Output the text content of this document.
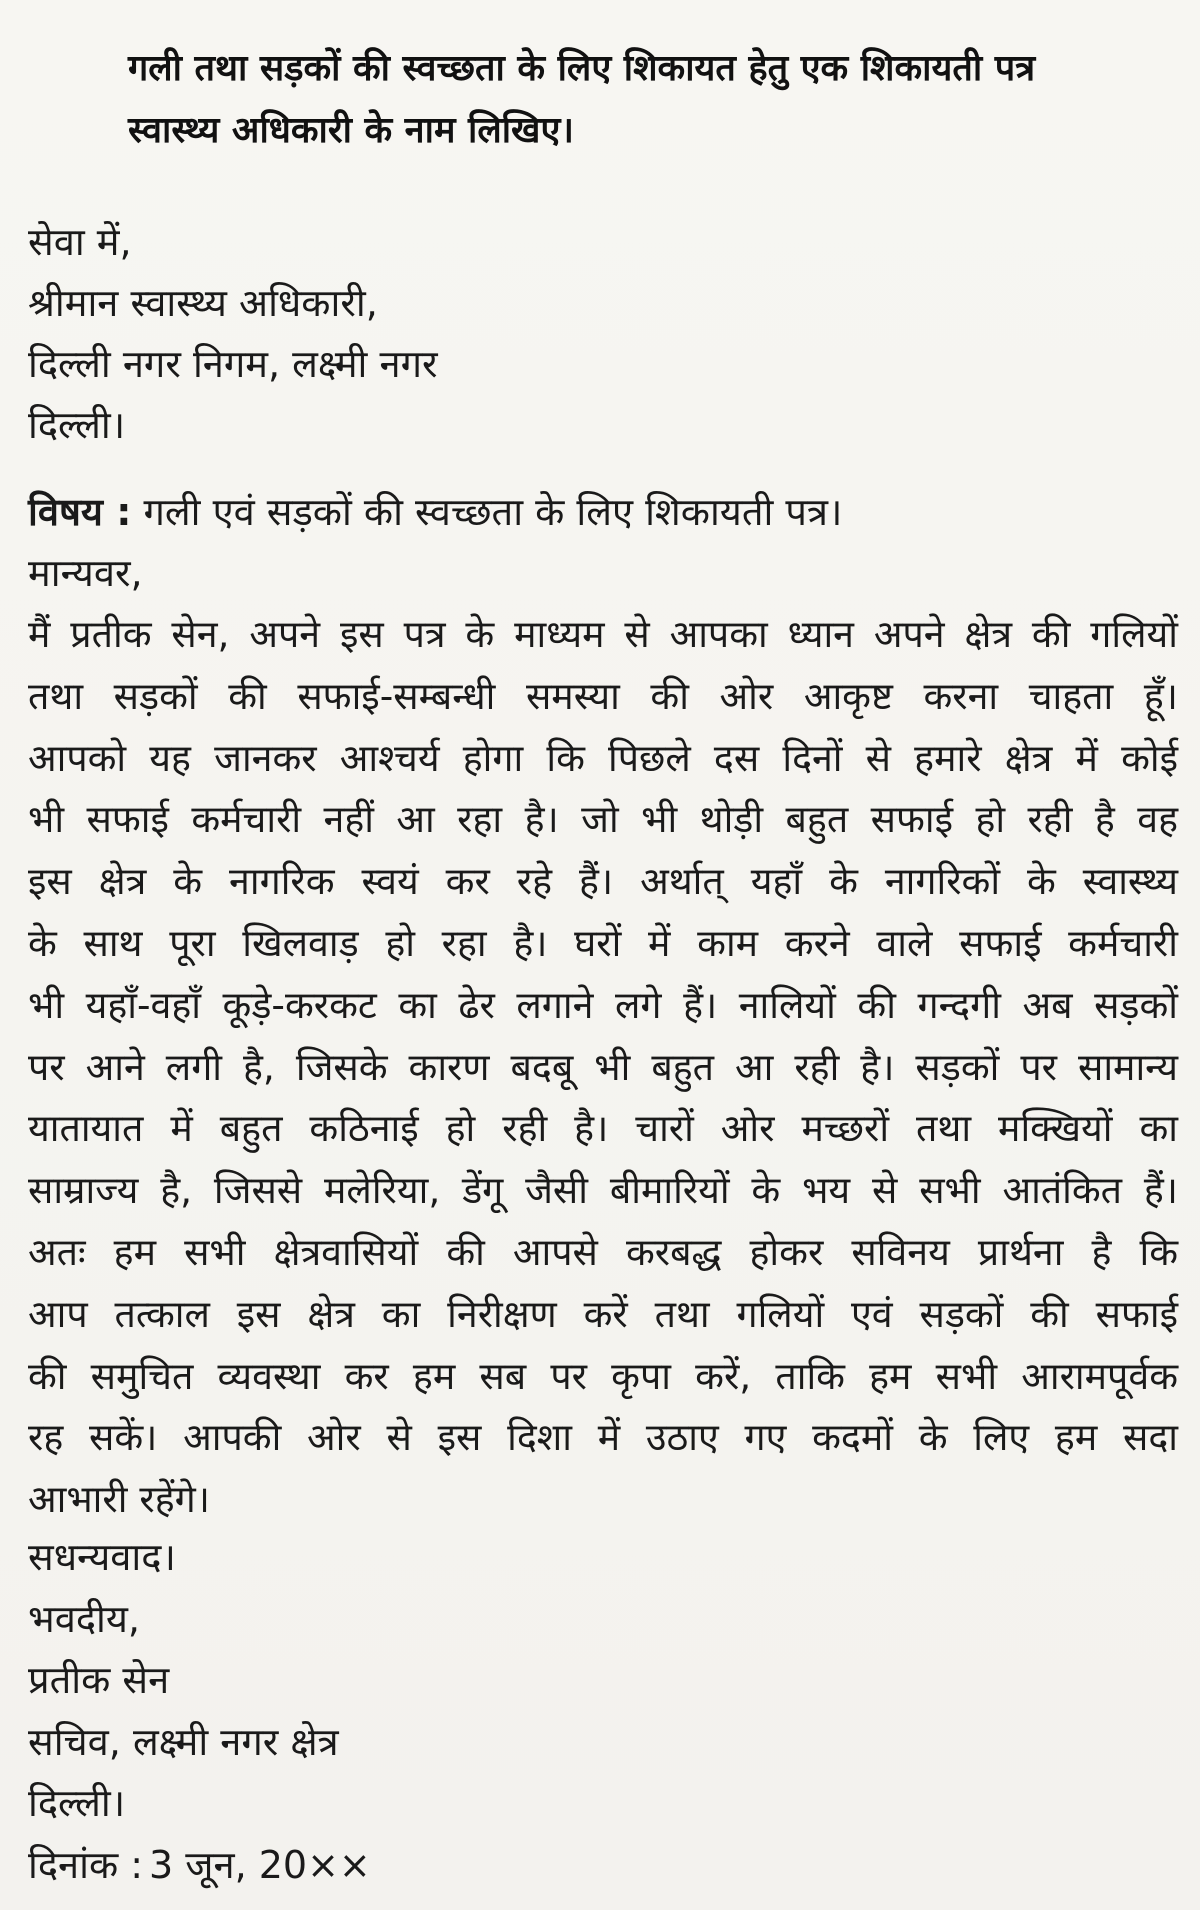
गली तथा सड़कों की स्वच्छता के लिए शिकायत हेतु एक शिकायती पत्र
स्वास्थ्य अधिकारी के नाम लिखिए।
सेवा में,
श्रीमान स्वास्थ्य अधिकारी,
दिल्ली नगर निगम, लक्ष्मी नगर
दिल्ली।
विषय : गली एवं सड़कों की स्वच्छता के लिए शिकायती पत्र।
मान्यवर,
मैं प्रतीक सेन, अपने इस पत्र के माध्यम से आपका ध्यान अपने क्षेत्र की गलियों
तथा सड़कों की सफाई-सम्बन्धी समस्या की ओर आकृष्ट करना चाहता हूँ।
आपको यह जानकर आश्चर्य होगा कि पिछले दस दिनों से हमारे क्षेत्र में कोई
भी सफाई कर्मचारी नहीं आ रहा है। जो भी थोड़ी बहुत सफाई हो रही है वह
इस क्षेत्र के नागरिक स्वयं कर रहे हैं। अर्थात् यहाँ के नागरिकों के स्वास्थ्य
के साथ पूरा खिलवाड़ हो रहा है। घरों में काम करने वाले सफाई कर्मचारी
भी यहाँ-वहाँ कूड़े-करकट का ढेर लगाने लगे हैं। नालियों की गन्दगी अब सड़कों
पर आने लगी है, जिसके कारण बदबू भी बहुत आ रही है। सड़कों पर सामान्य
यातायात में बहुत कठिनाई हो रही है। चारों ओर मच्छरों तथा मक्खियों का
साम्राज्य है, जिससे मलेरिया, डेंगू जैसी बीमारियों के भय से सभी आतंकित हैं।
अतः हम सभी क्षेत्रवासियों की आपसे करबद्ध होकर सविनय प्रार्थना है कि
आप तत्काल इस क्षेत्र का निरीक्षण करें तथा गलियों एवं सड़कों की सफाई
की समुचित व्यवस्था कर हम सब पर कृपा करें, ताकि हम सभी आरामपूर्वक
रह सकें। आपकी ओर से इस दिशा में उठाए गए कदमों के लिए हम सदा
आभारी रहेंगे।
सधन्यवाद।
भवदीय,
प्रतीक सेन
सचिव, लक्ष्मी नगर क्षेत्र
दिल्ली।
दिनांक : 3 जून, 20××
